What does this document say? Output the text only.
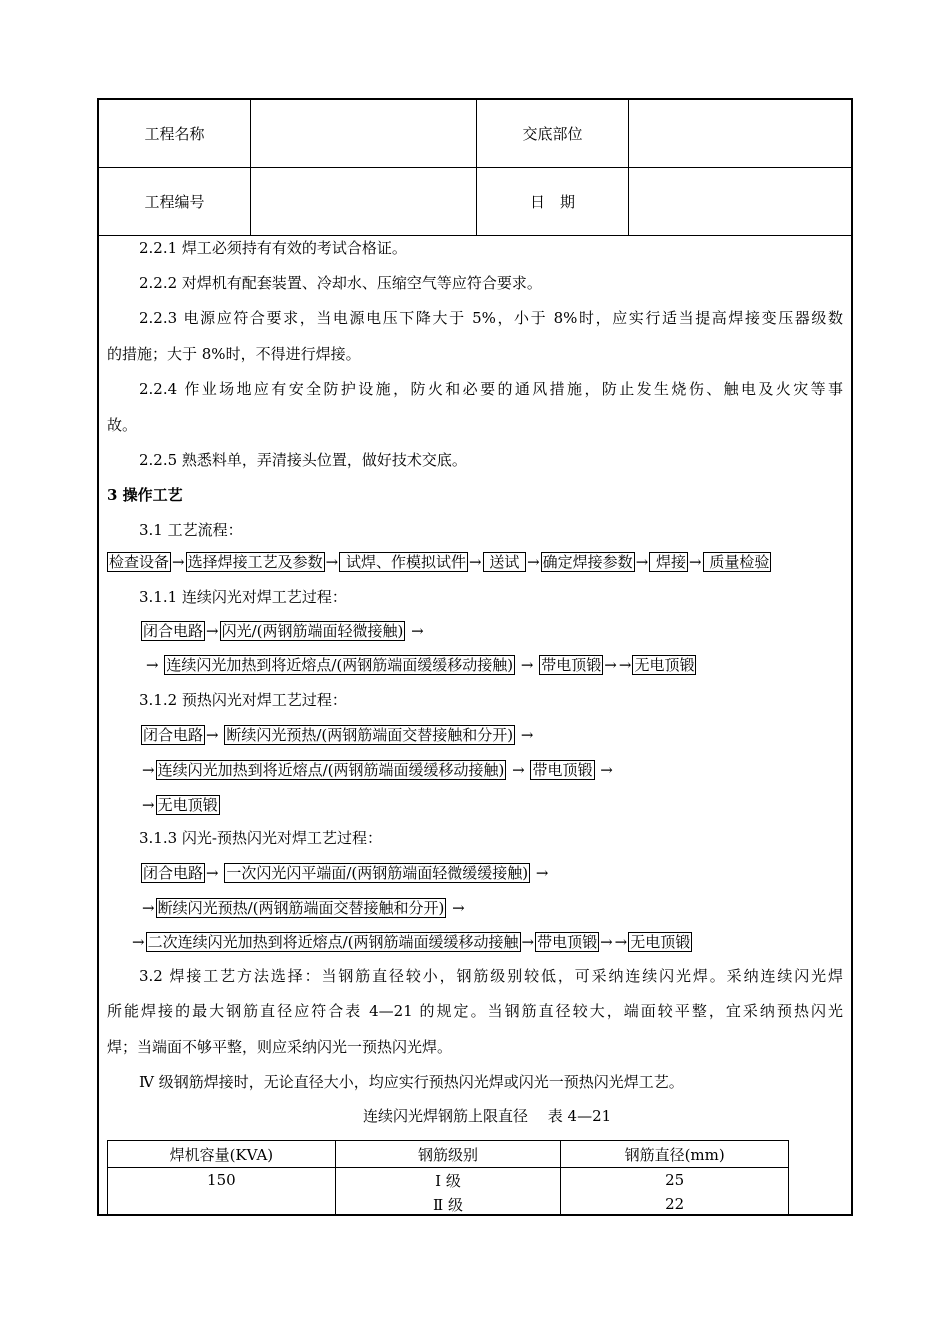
工程名称	交底部位
工程编号	日　期
2.2.1 焊工必须持有有效的考试合格证。
2.2.2 对焊机有配套装置、冷却水、压缩空气等应符合要求。
2.2.3 电源应符合要求，当电源电压下降大于 5%，小于 8%时，应实行适当提高焊接变压器级数
的措施；大于 8%时，不得进行焊接。
2.2.4 作业场地应有安全防护设施，防火和必要的通风措施，防止发生烧伤、触电及火灾等事
故。
2.2.5 熟悉料单，弄清接头位置，做好技术交底。
3 操作工艺
3.1 工艺流程：
检查设备 → 选择焊接工艺及参数 → 试焊、作模拟试件 → 送试 → 确定焊接参数 → 焊接 → 质量检验
3.1.1 连续闪光对焊工艺过程：
闭合电路 → 闪光/(两钢筋端面轻微接触) →
→ 连续闪光加热到将近熔点/(两钢筋端面缓缓移动接触) → 带电顶锻 → → 无电顶锻
3.1.2 预热闪光对焊工艺过程：
闭合电路 → 断续闪光预热/(两钢筋端面交替接触和分开) →
→ 连续闪光加热到将近熔点/(两钢筋端面缓缓移动接触) → 带电顶锻 →
→ 无电顶锻
3.1.3 闪光-预热闪光对焊工艺过程：
闭合电路 → 一次闪光闪平端面/(两钢筋端面轻微缓缓接触) →
→ 断续闪光预热/(两钢筋端面交替接触和分开) →
→ 二次连续闪光加热到将近熔点/(两钢筋端面缓缓移动接触 → 带电顶锻 → → 无电顶锻
3.2 焊接工艺方法选择：当钢筋直径较小，钢筋级别较低，可采纳连续闪光焊。采纳连续闪光焊
所能焊接的最大钢筋直径应符合表 4—21 的规定。当钢筋直径较大，端面较平整，宜采纳预热闪光
焊；当端面不够平整，则应采纳闪光一预热闪光焊。
Ⅳ 级钢筋焊接时，无论直径大小，均应实行预热闪光焊或闪光一预热闪光焊工艺。
连续闪光焊钢筋上限直径　 表 4—21
焊机容量(KVA)	钢筋级别	钢筋直径(mm)
150	Ⅰ 级	25
	Ⅱ 级	22
